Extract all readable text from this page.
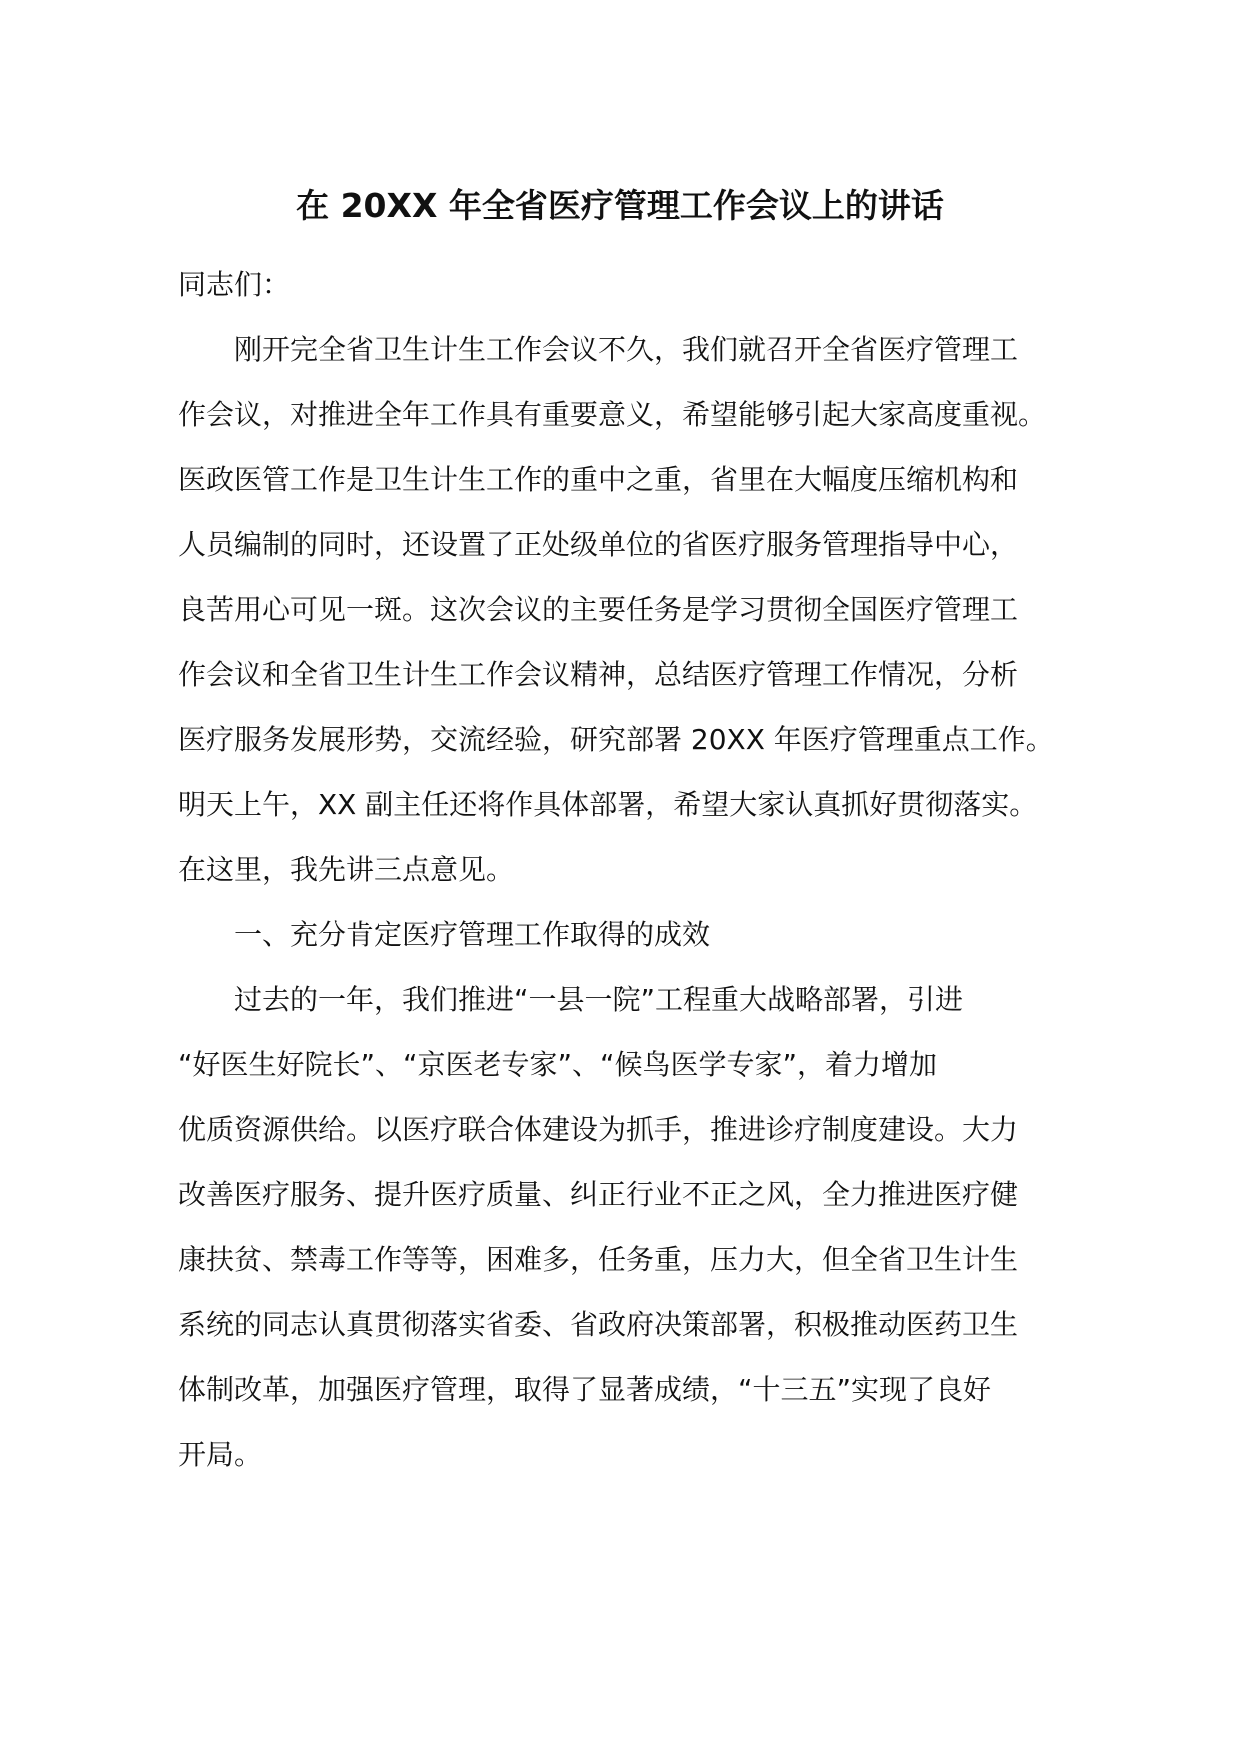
在 20XX 年全省医疗管理工作会议上的讲话

同志们：

刚开完全省卫生计生工作会议不久，我们就召开全省医疗管理工
作会议，对推进全年工作具有重要意义，希望能够引起大家高度重视。
医政医管工作是卫生计生工作的重中之重，省里在大幅度压缩机构和
人员编制的同时，还设置了正处级单位的省医疗服务管理指导中心，
良苦用心可见一斑。这次会议的主要任务是学习贯彻全国医疗管理工
作会议和全省卫生计生工作会议精神，总结医疗管理工作情况，分析
医疗服务发展形势，交流经验，研究部署 20XX 年医疗管理重点工作。
明天上午，XX 副主任还将作具体部署，希望大家认真抓好贯彻落实。
在这里，我先讲三点意见。
一、充分肯定医疗管理工作取得的成效
过去的一年，我们推进“一县一院”工程重大战略部署，引进
“好医生好院长”、“京医老专家”、“候鸟医学专家”，着力增加
优质资源供给。以医疗联合体建设为抓手，推进诊疗制度建设。大力
改善医疗服务、提升医疗质量、纠正行业不正之风，全力推进医疗健
康扶贫、禁毒工作等等，困难多，任务重，压力大，但全省卫生计生
系统的同志认真贯彻落实省委、省政府决策部署，积极推动医药卫生
体制改革，加强医疗管理，取得了显著成绩，“十三五”实现了良好
开局。
